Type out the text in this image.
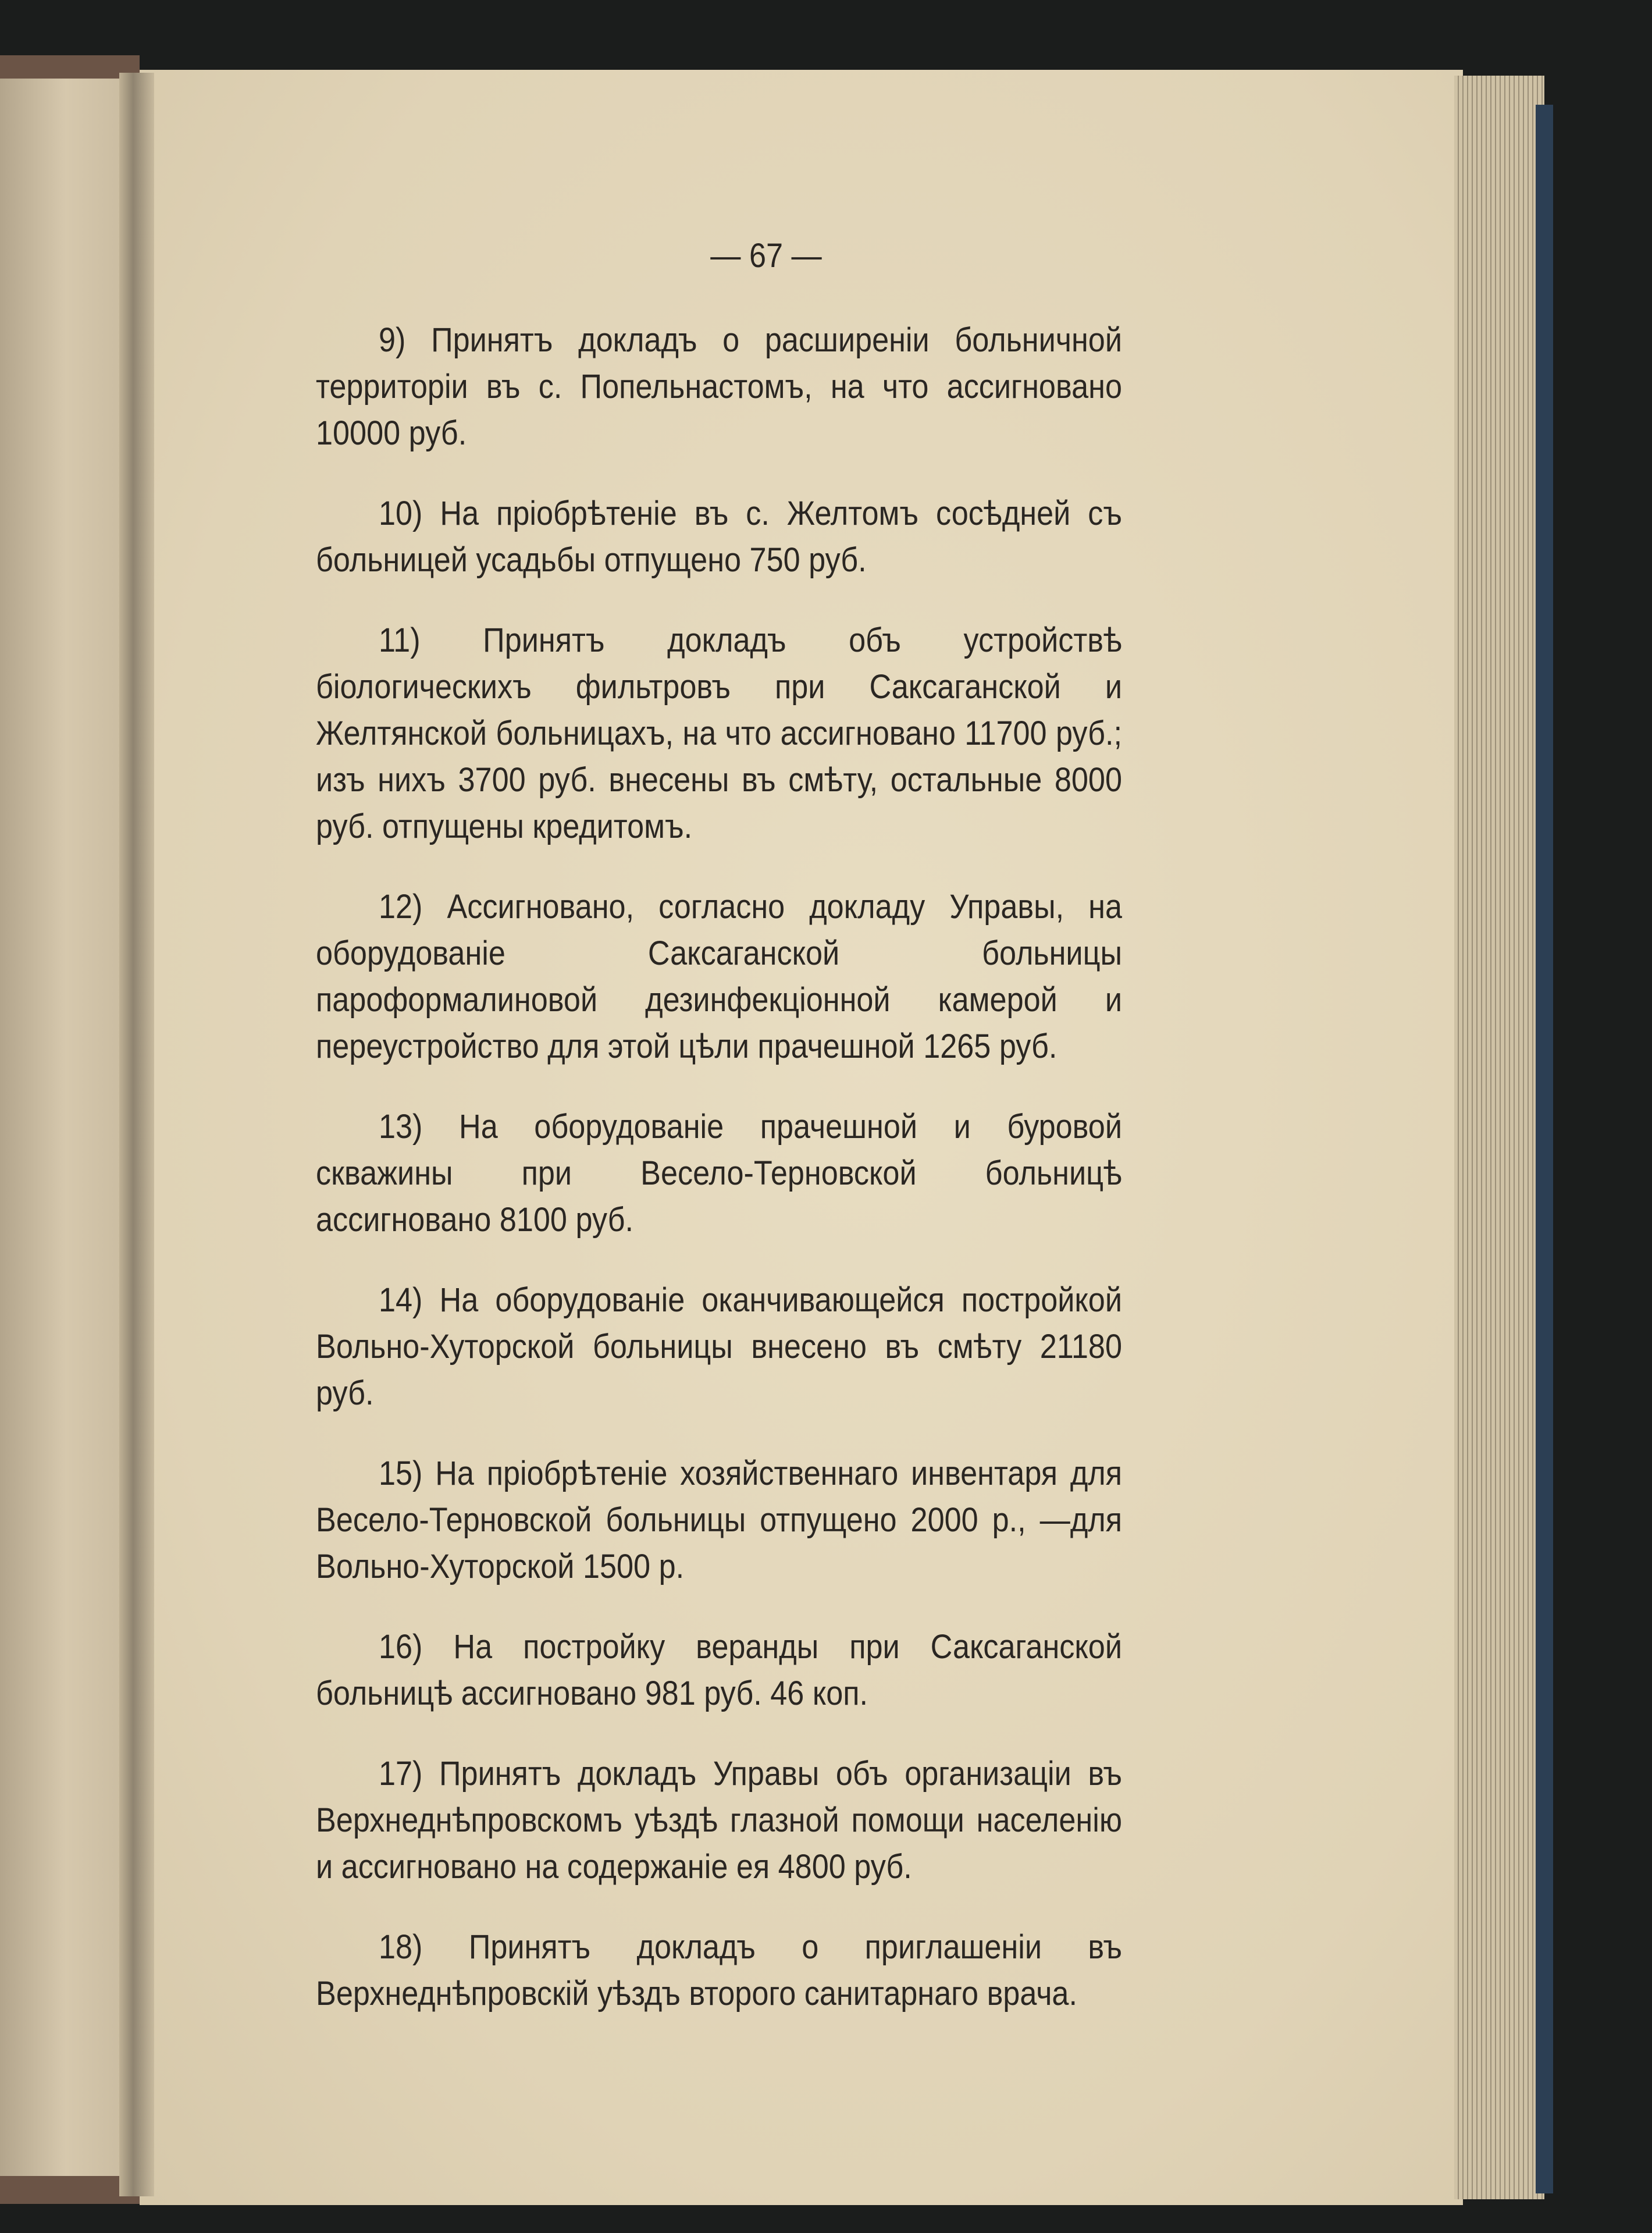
— 67 —

9) Принятъ докладъ о расширеніи больничной территоріи въ с. Попельнастомъ, на что ассигновано 10000 руб.

10) На пріобрѣтеніе въ с. Желтомъ сосѣдней съ больницей усадьбы отпущено 750 руб.

11) Принятъ докладъ объ устройствѣ біологическихъ фильтровъ при Саксаганской и Желтянской больницахъ, на что ассигновано 11700 руб.; изъ нихъ 3700 руб. внесены въ смѣту, остальные 8000 руб. отпущены кредитомъ.

12) Ассигновано, согласно докладу Управы, на оборудованіе Саксаганской больницы пароформалиновой дезинфекціонной камерой и переустройство для этой цѣли прачешной 1265 руб.

13) На оборудованіе прачешной и буровой скважины при Весело-Терновской больницѣ ассигновано 8100 руб.

14) На оборудованіе оканчивающейся постройкой Вольно-Хуторской больницы внесено въ смѣту 21180 руб.

15) На пріобрѣтеніе хозяйственнаго инвентаря для Весело-Терновской больницы отпущено 2000 р., —для Вольно-Хуторской 1500 р.

16) На постройку веранды при Саксаганской больницѣ ассигновано 981 руб. 46 коп.

17) Принятъ докладъ Управы объ организаціи въ Верхнеднѣпровскомъ уѣздѣ глазной помощи населенію и ассигновано на содержаніе ея 4800 руб.

18) Принятъ докладъ о приглашеніи въ Верхнеднѣпровскій уѣздъ второго санитарнаго врача.
